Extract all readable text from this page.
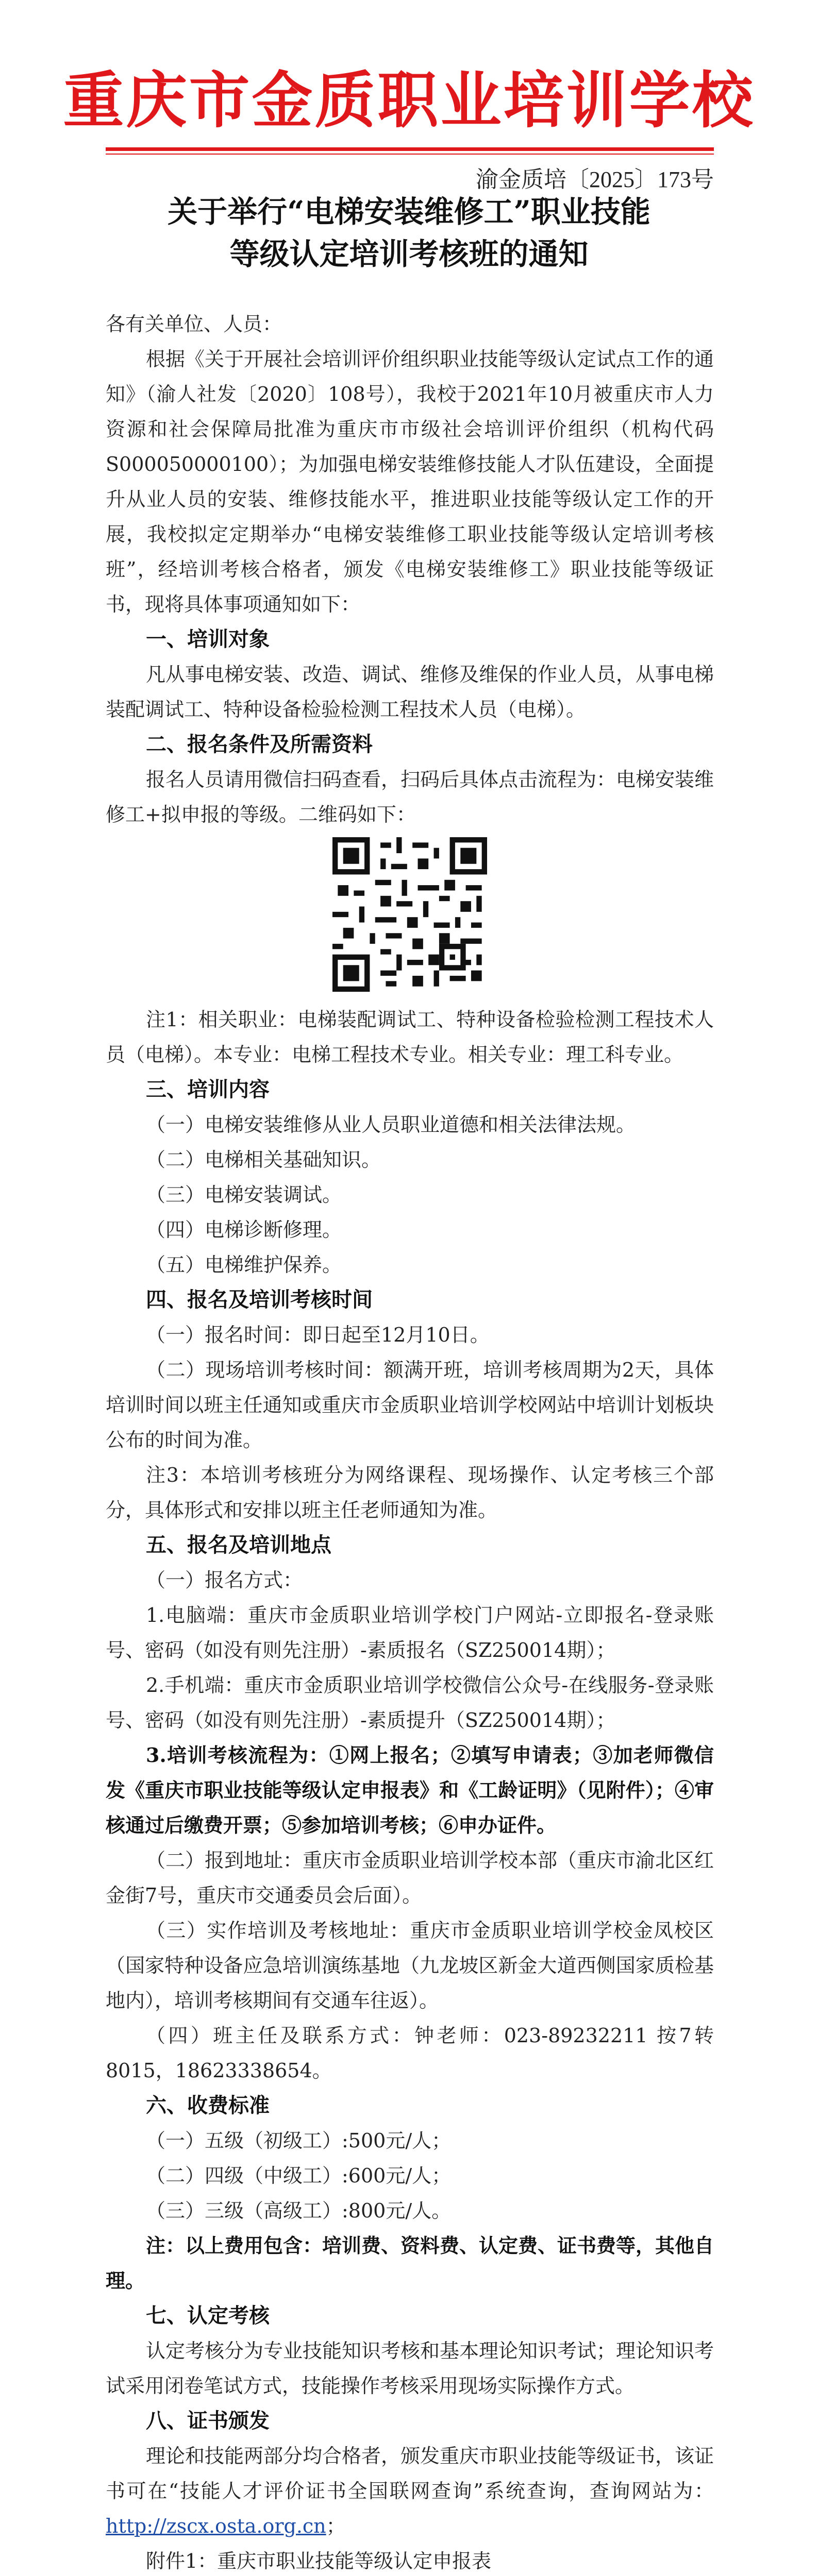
重庆市金质职业培训学校
渝金质培〔2025〕173号
关于举行“电梯安装维修工”职业技能
等级认定培训考核班的通知

各有关单位、人员：

根据《关于开展社会培训评价组织职业技能等级认定试点工作的通知》（渝人社发〔2020〕108号），我校于2021年10月被重庆市人力资源和社会保障局批准为重庆市市级社会培训评价组织（机构代码S000050000100）；为加强电梯安装维修技能人才队伍建设，全面提升从业人员的安装、维修技能水平，推进职业技能等级认定工作的开展，我校拟定定期举办“电梯安装维修工职业技能等级认定培训考核班”，经培训考核合格者，颁发《电梯安装维修工》职业技能等级证书，现将具体事项通知如下：

一、培训对象

凡从事电梯安装、改造、调试、维修及维保的作业人员，从事电梯装配调试工、特种设备检验检测工程技术人员（电梯）。

二、报名条件及所需资料

报名人员请用微信扫码查看，扫码后具体点击流程为：电梯安装维修工+拟申报的等级。二维码如下：

注1：相关职业：电梯装配调试工、特种设备检验检测工程技术人员（电梯）。本专业：电梯工程技术专业。相关专业：理工科专业。

三、培训内容

（一）电梯安装维修从业人员职业道德和相关法律法规。

（二）电梯相关基础知识。

（三）电梯安装调试。

（四）电梯诊断修理。

（五）电梯维护保养。

四、报名及培训考核时间

（一）报名时间：即日起至12月10日。

（二）现场培训考核时间：额满开班，培训考核周期为2天，具体培训时间以班主任通知或重庆市金质职业培训学校网站中培训计划板块公布的时间为准。

注3：本培训考核班分为网络课程、现场操作、认定考核三个部分，具体形式和安排以班主任老师通知为准。

五、报名及培训地点

（一）报名方式：

1.电脑端：重庆市金质职业培训学校门户网站-立即报名-登录账号、密码（如没有则先注册）-素质报名（SZ250014期）；

2.手机端：重庆市金质职业培训学校微信公众号-在线服务-登录账号、密码（如没有则先注册）-素质提升（SZ250014期）；

3.培训考核流程为：①网上报名；②填写申请表；③加老师微信发《重庆市职业技能等级认定申报表》和《工龄证明》（见附件）；④审核通过后缴费开票；⑤参加培训考核；⑥申办证件。

（二）报到地址：重庆市金质职业培训学校本部（重庆市渝北区红金街7号，重庆市交通委员会后面）。

（三）实作培训及考核地址：重庆市金质职业培训学校金凤校区（国家特种设备应急培训演练基地（九龙坡区新金大道西侧国家质检基地内），培训考核期间有交通车往返）。

（四）班主任及联系方式：钟老师：023-89232211 按7转8015，18623338654。

六、收费标准

（一）五级（初级工）:500元/人；

（二）四级（中级工）:600元/人；

（三）三级（高级工）:800元/人。

注：以上费用包含：培训费、资料费、认定费、证书费等，其他自理。

七、认定考核

认定考核分为专业技能知识考核和基本理论知识考试；理论知识考试采用闭卷笔试方式，技能操作考核采用现场实际操作方式。

八、证书颁发

理论和技能两部分均合格者，颁发重庆市职业技能等级证书，该证书可在“技能人才评价证书全国联网查询”系统查询，查询网站为：http://zscx.osta.org.cn；

附件1：重庆市职业技能等级认定申报表
